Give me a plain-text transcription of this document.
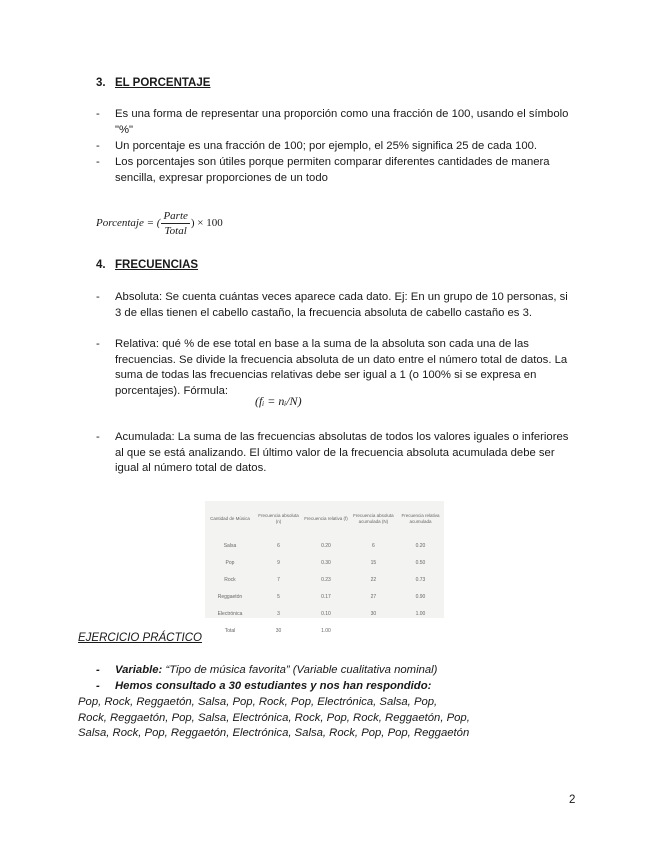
3. EL PORCENTAJE
- Es una forma de representar una proporción como una fracción de 100, usando el símbolo "%"
- Un porcentaje es una fracción de 100; por ejemplo, el 25% significa 25 de cada 100.
- Los porcentajes son útiles porque permiten comparar diferentes cantidades de manera sencilla, expresar proporciones de un todo
Porcentaje = ( $\frac{\text{Parte}}{\text{Total}}$ ) × 100
4. FRECUENCIAS
- Absoluta: Se cuenta cuántas veces aparece cada dato. Ej: En un grupo de 10 personas, si 3 de ellas tienen el cabello castaño, la frecuencia absoluta de cabello castaño es 3.
- Relativa: qué % de ese total en base a la suma de la absoluta son cada una de las frecuencias. Se divide la frecuencia absoluta de un dato entre el número total de datos. La suma de todas las frecuencias relativas debe ser igual a 1 (o 100% si se expresa en porcentajes). Fórmula:
(fᵢ = nᵢ/N)
- Acumulada: La suma de las frecuencias absolutas de todos los valores iguales o inferiores al que se está analizando. El último valor de la frecuencia absoluta acumulada debe ser igual al número total de datos.
Cantidad de Música	Frecuencia absoluta (n)	Frecuencia relativa (f)	Frecuencia absoluta acumulada (N)	Frecuencia relativa acumulada
Salsa	6	0.20	6	0.20
Pop	9	0.30	15	0.50
Rock	7	0.23	22	0.73
Reggaetón	5	0.17	27	0.90
Electrónica	3	0.10	30	1.00
Total	30	1.00		
EJERCICIO PRÁCTICO
- Variable: “Tipo de música favorita” (Variable cualitativa nominal)
- Hemos consultado a 30 estudiantes y nos han respondido:
Pop, Rock, Reggaetón, Salsa, Pop, Rock, Pop, Electrónica, Salsa, Pop,
Rock, Reggaetón, Pop, Salsa, Electrónica, Rock, Pop, Rock, Reggaetón, Pop,
Salsa, Rock, Pop, Reggaetón, Electrónica, Salsa, Rock, Pop, Pop, Reggaetón
2
